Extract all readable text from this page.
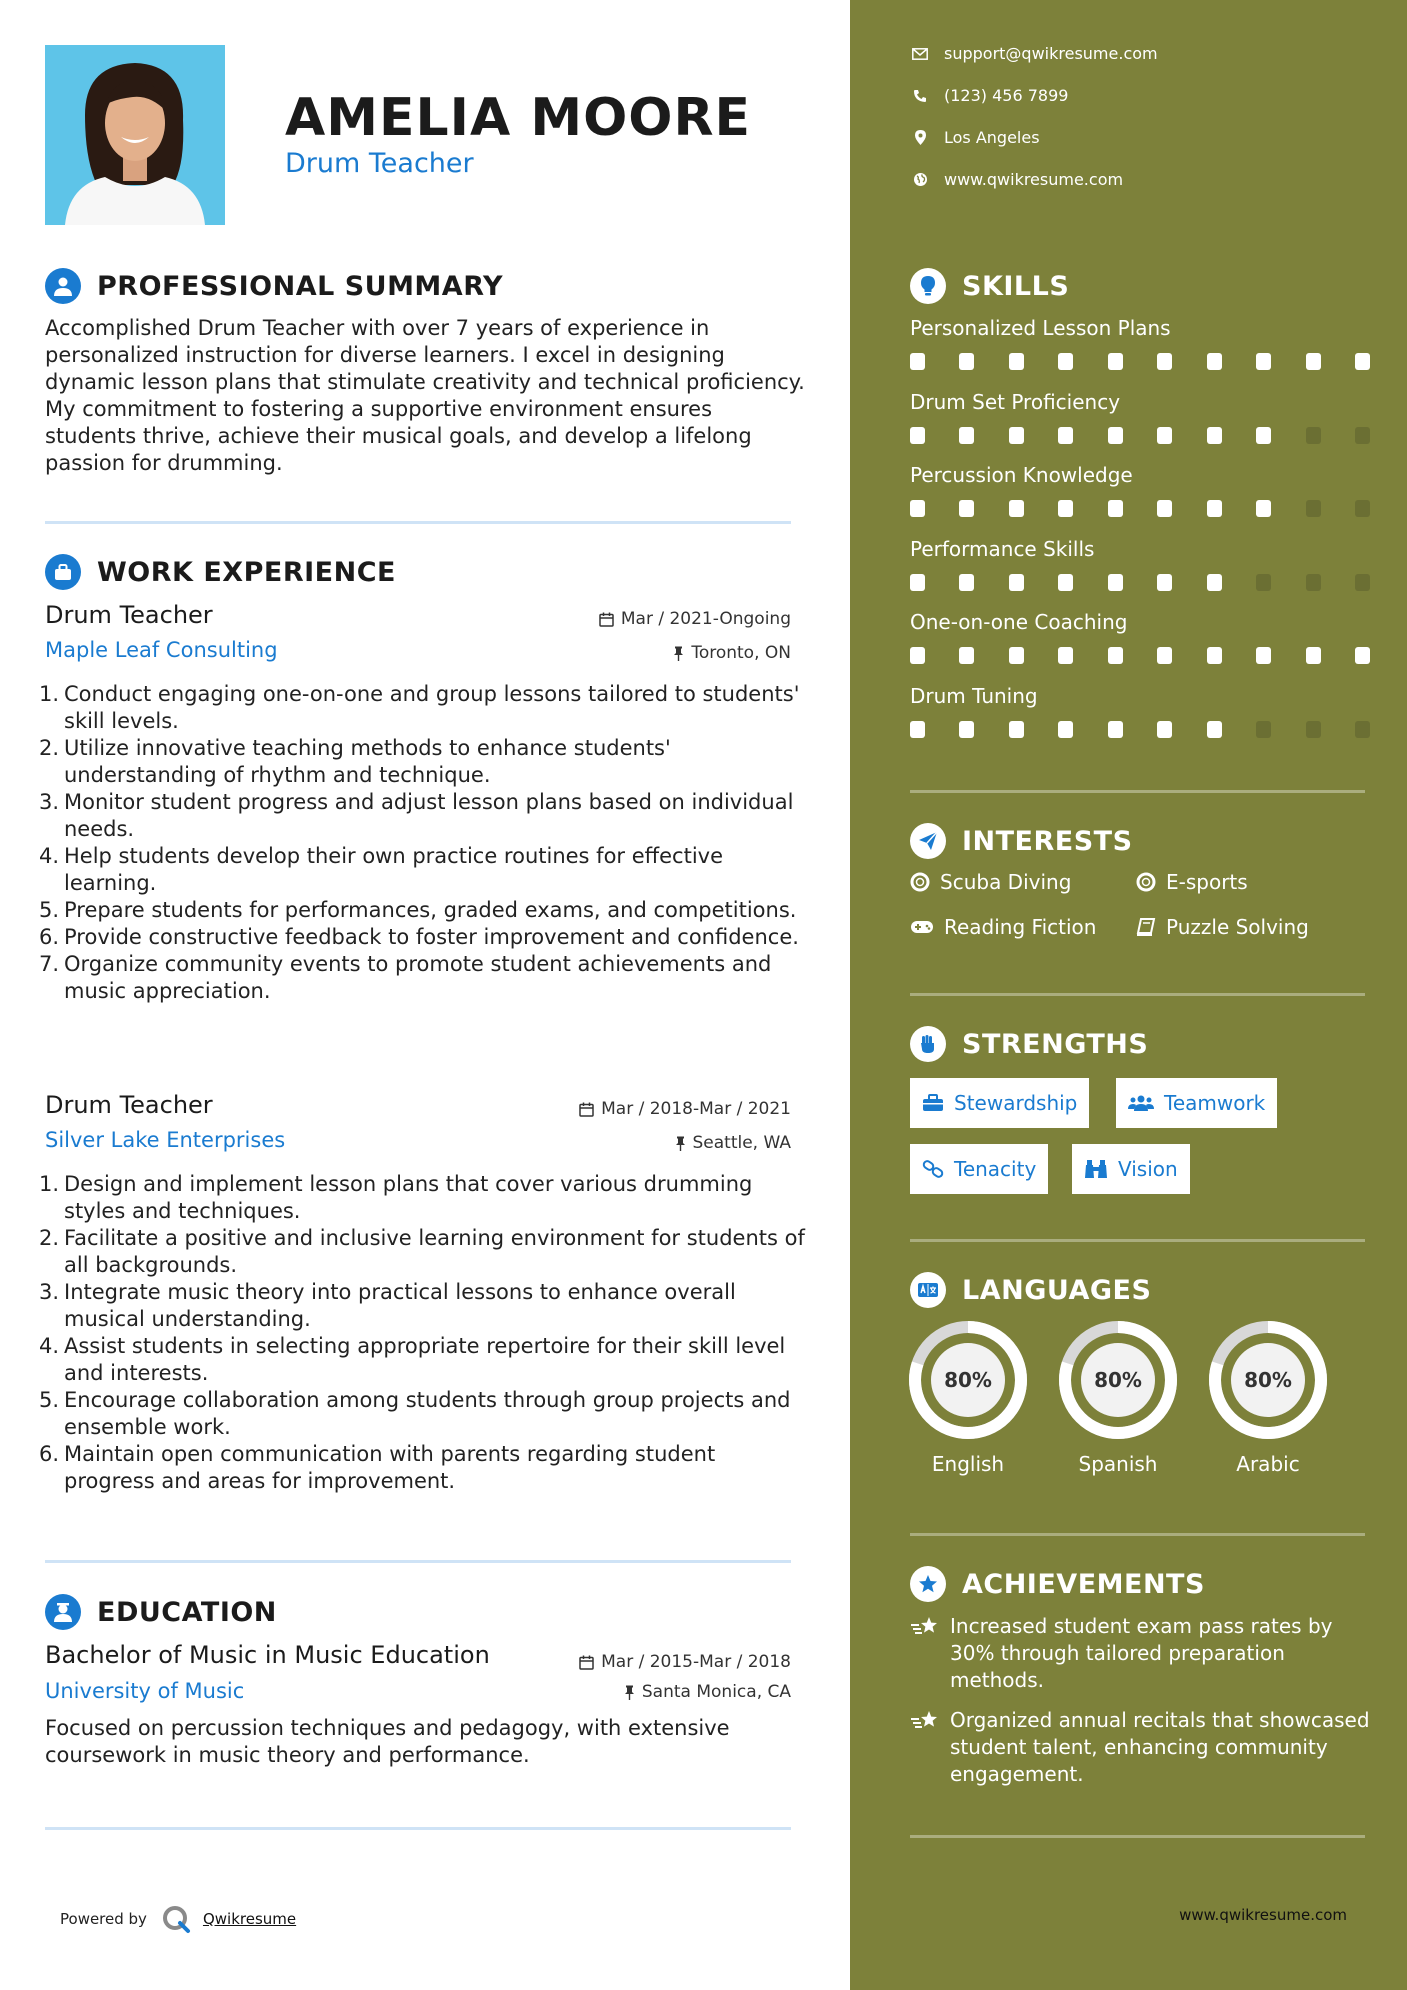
AMELIA MOORE
Drum Teacher
PROFESSIONAL SUMMARY
Accomplished Drum Teacher with over 7 years of experience in personalized instruction for diverse learners. I excel in designing dynamic lesson plans that stimulate creativity and technical proficiency. My commitment to fostering a supportive environment ensures students thrive, achieve their musical goals, and develop a lifelong passion for drumming.
WORK EXPERIENCE
Drum Teacher	Mar / 2021-Ongoing
Maple Leaf Consulting	Toronto, ON
1. Conduct engaging one-on-one and group lessons tailored to students' skill levels.
2. Utilize innovative teaching methods to enhance students' understanding of rhythm and technique.
3. Monitor student progress and adjust lesson plans based on individual needs.
4. Help students develop their own practice routines for effective learning.
5. Prepare students for performances, graded exams, and competitions.
6. Provide constructive feedback to foster improvement and confidence.
7. Organize community events to promote student achievements and music appreciation.
Drum Teacher	Mar / 2018-Mar / 2021
Silver Lake Enterprises	Seattle, WA
1. Design and implement lesson plans that cover various drumming styles and techniques.
2. Facilitate a positive and inclusive learning environment for students of all backgrounds.
3. Integrate music theory into practical lessons to enhance overall musical understanding.
4. Assist students in selecting appropriate repertoire for their skill level and interests.
5. Encourage collaboration among students through group projects and ensemble work.
6. Maintain open communication with parents regarding student progress and areas for improvement.
EDUCATION
Bachelor of Music in Music Education	Mar / 2015-Mar / 2018
University of Music	Santa Monica, CA
Focused on percussion techniques and pedagogy, with extensive coursework in music theory and performance.
Powered by	Qwikresume
support@qwikresume.com
(123) 456 7899
Los Angeles
www.qwikresume.com
SKILLS
Personalized Lesson Plans
Drum Set Proficiency
Percussion Knowledge
Performance Skills
One-on-one Coaching
Drum Tuning
INTERESTS
Scuba Diving	E-sports
Reading Fiction	Puzzle Solving
STRENGTHS
Stewardship	Teamwork
Tenacity	Vision
LANGUAGES
80%
English
80%
Spanish
80%
Arabic
ACHIEVEMENTS
Increased student exam pass rates by 30% through tailored preparation methods.
Organized annual recitals that showcased student talent, enhancing community engagement.
www.qwikresume.com
